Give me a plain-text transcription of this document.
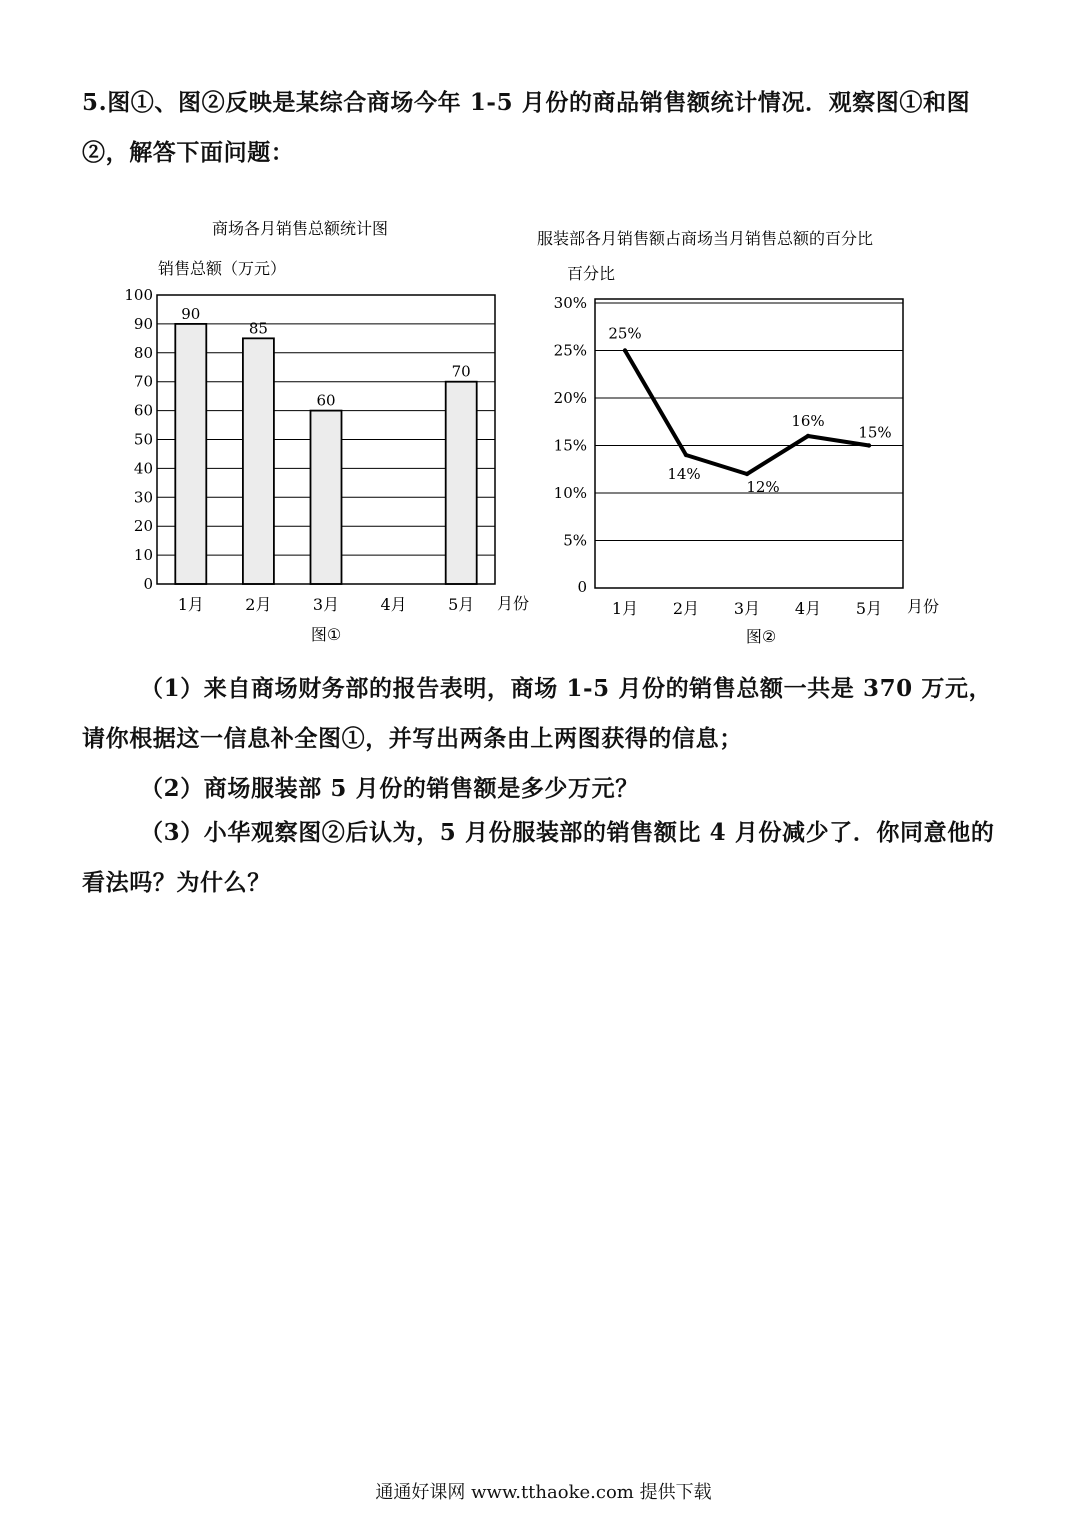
5.图①、图②反映是某综合商场今年 1-5 月份的商品销售额统计情况．观察图①和图②，解答下面问题：
商场各月销售总额统计图
销售总额（万元）
0
10
20
30
40
50
60
70
80
90
100
90
85
60
70
1月	2月	3月	4月	5月 月份
图①
服装部各月销售额占商场当月销售总额的百分比
百分比
0
5%
10%
15%
20%
25%
30%
25%
14%
12%
16%
15%
1月 2月 3月 4月 5月 月份
图②
（1）来自商场财务部的报告表明，商场 1-5 月份的销售总额一共是 370 万元，请你根据这一信息补全图①，并写出两条由上两图获得的信息；
（2）商场服装部 5 月份的销售额是多少万元？
（3）小华观察图②后认为，5 月份服装部的销售额比 4 月份减少了．你同意他的看法吗？为什么？
通通好课网 www.tthaoke.com 提供下载
